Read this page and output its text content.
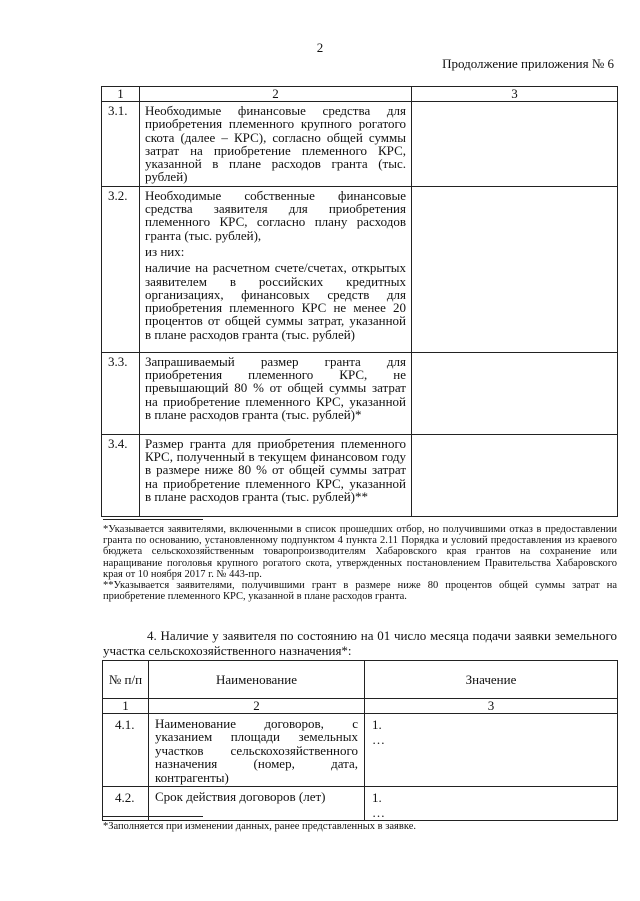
2
Продолжение приложения № 6
1	2	3
3.1.	Необходимые финансовые средства для приобретения племенного крупного рогатого скота (далее – КРС), согласно общей суммы затрат на приобретение племенного КРС, указанной в плане расходов гранта (тыс. рублей)	

3.2.	Необходимые собственные финансовые средства заявителя для приобретения племенного КРС, согласно плану расходов гранта (тыс. рублей),

из них:

наличие на расчетном счете/счетах, открытых заявителем в российских кредитных организациях, финансовых средств для приобретения племенного КРС не менее 20 процентов от общей суммы затрат, указанной в плане расходов гранта (тыс. рублей)	

3.3.	Запрашиваемый размер гранта для приобретения племенного КРС, не превышающий 80 % от общей суммы затрат на приобретение племенного КРС, указанной в плане расходов гранта (тыс. рублей)*	

3.4.	Размер гранта для приобретения племенного КРС, полученный в текущем финансовом году в размере ниже 80 % от общей суммы затрат на приобретение племенного КРС, указанной в плане расходов гранта (тыс. рублей)**	

*Указывается заявителями, включенными в список прошедших отбор, но получившими отказ в предоставлении гранта по основанию, установленному подпунктом 4 пункта 2.11 Порядка и условий предоставления из краевого бюджета сельскохозяйственным товаропроизводителям Хабаровского края грантов на сохранение или наращивание поголовья крупного рогатого скота, утвержденных постановлением Правительства Хабаровского края от 10 ноября 2017 г. № 443-пр.

**Указывается заявителями, получившими грант в размере ниже 80 процентов общей суммы затрат на приобретение племенного КРС, указанной в плане расходов гранта.

4. Наличие у заявителя по состоянию на 01 число месяца подачи заявки земельного участка сельскохозяйственного назначения*:
№ п/п	Наименование	Значение
1	2	3
4.1.	Наименование договоров, с указанием площади земельных участков сельскохозяйственного назначения (номер, дата, контрагенты)	1.
…

4.2.	Срок действия договоров (лет)	1.
…
*Заполняется при изменении данных, ранее представленных в заявке.
